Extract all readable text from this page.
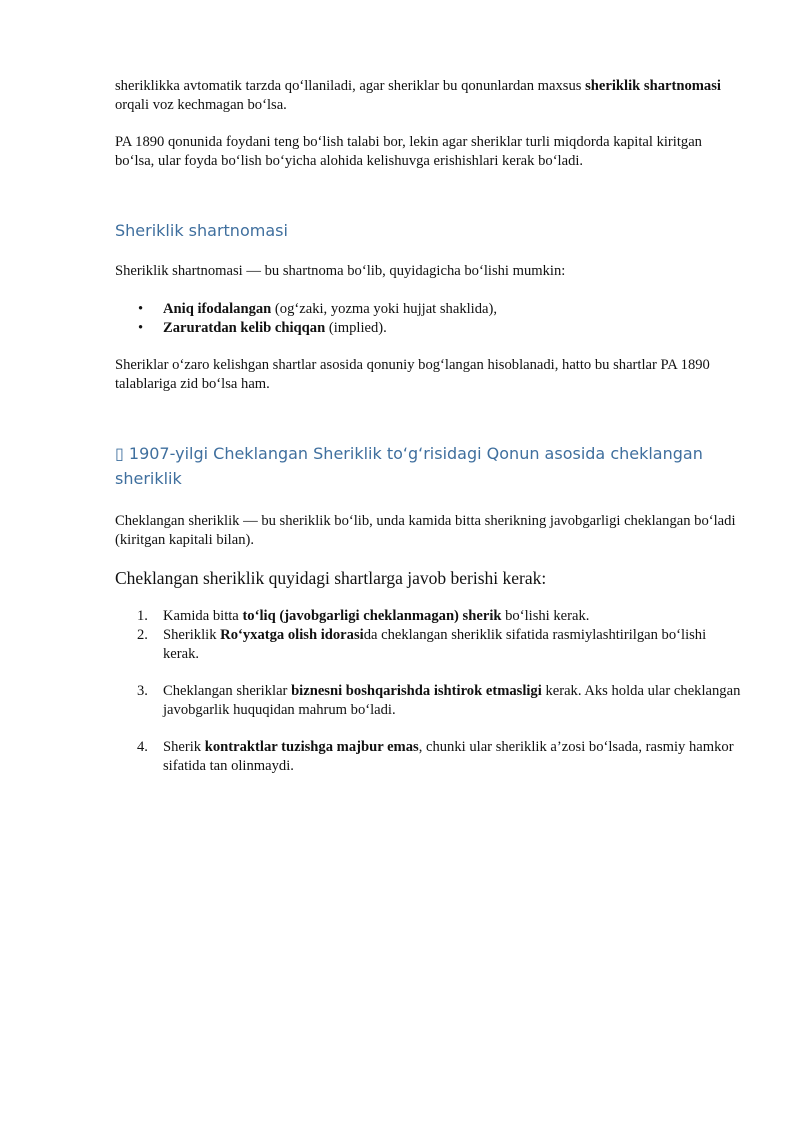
sheriklikka avtomatik tarzda qo‘llaniladi, agar sheriklar bu qonunlardan maxsus sheriklik shartnomasi orqali voz kechmagan bo‘lsa.

PA 1890 qonunida foydani teng bo‘lish talabi bor, lekin agar sheriklar turli miqdorda kapital kiritgan bo‘lsa, ular foyda bo‘lish bo‘yicha alohida kelishuvga erishishlari kerak bo‘ladi.

Sheriklik shartnomasi

Sheriklik shartnomasi — bu shartnoma bo‘lib, quyidagicha bo‘lishi mumkin:

• Aniq ifodalangan (og‘zaki, yozma yoki hujjat shaklida),
• Zaruratdan kelib chiqqan (implied).

Sheriklar o‘zaro kelishgan shartlar asosida qonuniy bog‘langan hisoblanadi, hatto bu shartlar PA 1890 talablariga zid bo‘lsa ham.

▯ 1907-yilgi Cheklangan Sheriklik to‘g‘risidagi Qonun asosida cheklangan sheriklik

Cheklangan sheriklik — bu sheriklik bo‘lib, unda kamida bitta sherikning javobgarligi cheklangan bo‘ladi (kiritgan kapitali bilan).

Cheklangan sheriklik quyidagi shartlarga javob berishi kerak:

1. Kamida bitta to‘liq (javobgarligi cheklanmagan) sherik bo‘lishi kerak.
2. Sheriklik Ro‘yxatga olish idorasida cheklangan sheriklik sifatida rasmiylashtirilgan bo‘lishi kerak.
3. Cheklangan sheriklar biznesni boshqarishda ishtirok etmasligi kerak. Aks holda ular cheklangan javobgarlik huquqidan mahrum bo‘ladi.
4. Sherik kontraktlar tuzishga majbur emas, chunki ular sheriklik a’zosi bo‘lsada, rasmiy hamkor sifatida tan olinmaydi.
